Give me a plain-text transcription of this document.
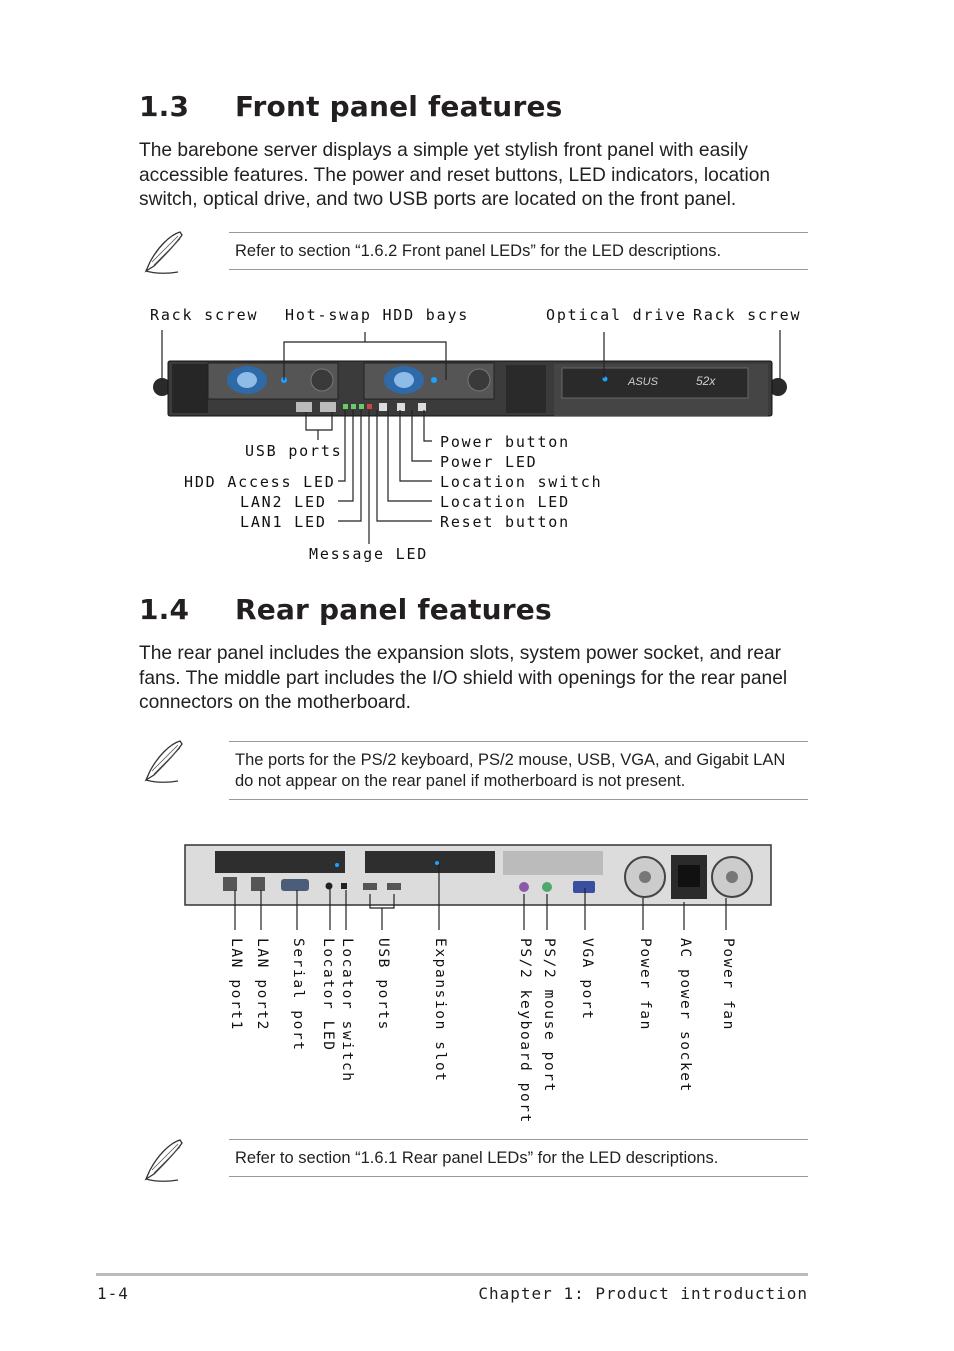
1.3 Front panel features

The barebone server displays a simple yet stylish front panel with easily accessible features. The power and reset buttons, LED indicators, location switch, optical drive, and two USB ports are located on the front panel.

Refer to section “1.6.2 Front panel LEDs” for the LED descriptions.
ASUS	52x
Rack screw Hot-swap HDD bays	Optical drive Rack screw
USB ports
HDD Access LED
LAN2 LED
LAN1 LED
Message LED
Power button
Power LED
Location switch
Location LED
Reset button
1.4 Rear panel features

The rear panel includes the expansion slots, system power socket, and rear fans. The middle part includes the I/O shield with openings for the rear panel connectors on the motherboard.

The ports for the PS/2 keyboard, PS/2 mouse, USB, VGA, and Gigabit LAN do not appear on the rear panel if motherboard is not present.
LAN port1 LAN port2 Serial port Locator LED Locator switch USB ports	Expansion slot	PS/2 keyboard port PS/2 mouse port VGA port	Power fan AC power socket Power fan
Refer to section “1.6.1 Rear panel LEDs” for the LED descriptions.
1-4	Chapter 1: Product introduction
